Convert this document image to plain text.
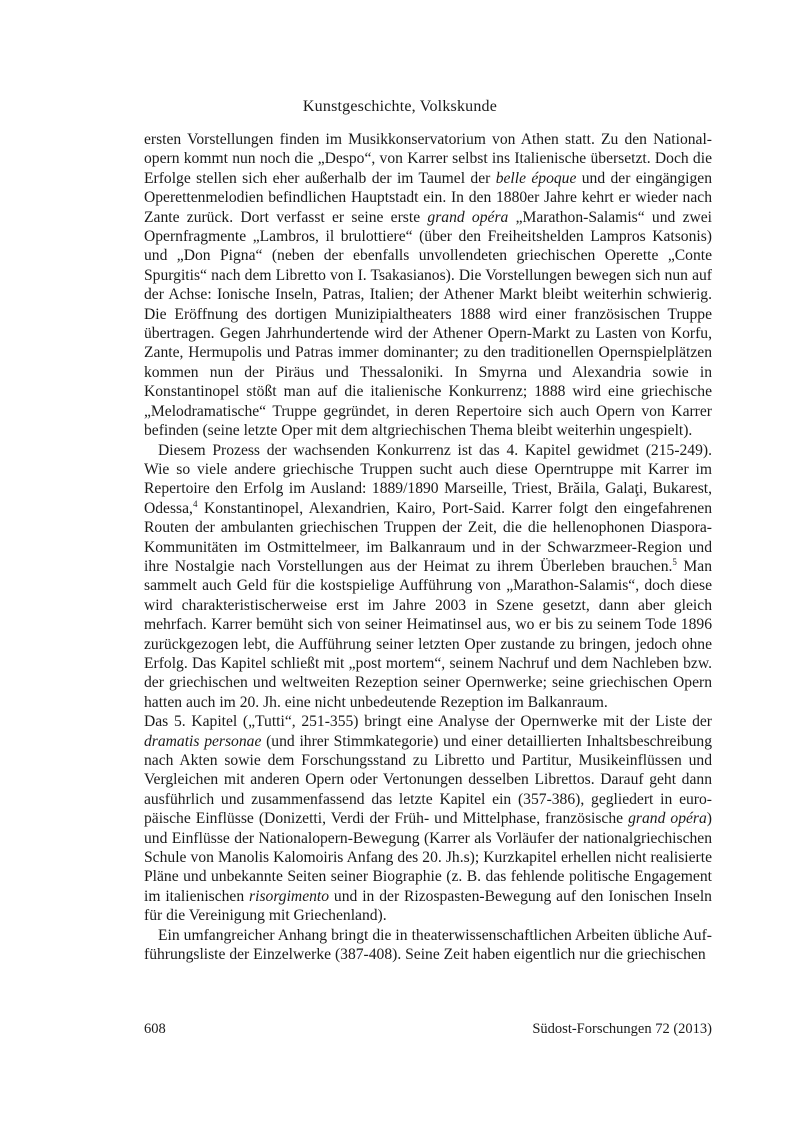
Kunstgeschichte, Volkskunde

ersten Vorstellungen finden im Musikkonservatorium von Athen statt. Zu den Nationalopern kommt nun noch die „Despo“, von Karrer selbst ins Italienische übersetzt. Doch die Erfolge stellen sich eher außerhalb der im Taumel der belle époque und der eingängigen Operettenmelodien befindlichen Hauptstadt ein. In den 1880er Jahre kehrt er wieder nach Zante zurück. Dort verfasst er seine erste grand opéra „Marathon-Salamis“ und zwei Opernfragmente „Lambros, il brulottiere“ (über den Freiheitshelden Lampros Katsonis) und „Don Pigna“ (neben der ebenfalls unvollendeten griechischen Operette „Conte Spurgitis“ nach dem Libretto von I. Tsakasianos). Die Vorstellungen bewegen sich nun auf der Achse: Ionische Inseln, Patras, Italien; der Athener Markt bleibt weiterhin schwierig. Die Eröffnung des dortigen Munizipialtheaters 1888 wird einer französischen Truppe übertragen. Gegen Jahrhundertende wird der Athener Opern-Markt zu Lasten von Korfu, Zante, Hermupolis und Patras immer dominanter; zu den traditionellen Opernspielplätzen kommen nun der Piräus und Thessaloniki. In Smyrna und Alexandria sowie in Konstantinopel stößt man auf die italienische Konkurrenz; 1888 wird eine griechische „Melodramatische“ Truppe gegründet, in deren Repertoire sich auch Opern von Karrer befinden (seine letzte Oper mit dem altgriechischen Thema bleibt weiterhin ungespielt).

Diesem Prozess der wachsenden Konkurrenz ist das 4. Kapitel gewidmet (215-249). Wie so viele andere griechische Truppen sucht auch diese Operntruppe mit Karrer im Repertoire den Erfolg im Ausland: 1889/1890 Marseille, Triest, Brăila, Galaţi, Bukarest, Odessa,$^4$ Konstantinopel, Alexandrien, Kairo, Port-Said. Karrer folgt den eingefahrenen Routen der ambulanten griechischen Truppen der Zeit, die die hellenophonen Diaspora-Kommunitäten im Ostmittelmeer, im Balkanraum und in der Schwarzmeer-Region und ihre Nostalgie nach Vorstellungen aus der Heimat zu ihrem Überleben brauchen.$^5$ Man sammelt auch Geld für die kostspielige Aufführung von „Marathon-Salamis“, doch diese wird charakteristischerweise erst im Jahre 2003 in Szene gesetzt, dann aber gleich mehrfach. Karrer bemüht sich von seiner Heimatinsel aus, wo er bis zu seinem Tode 1896 zurückgezogen lebt, die Aufführung seiner letzten Oper zustande zu bringen, jedoch ohne Erfolg. Das Kapitel schließt mit „post mortem“, seinem Nachruf und dem Nachleben bzw. der griechischen und weltweiten Rezeption seiner Opernwerke; seine griechischen Opern hatten auch im 20. Jh. eine nicht unbedeutende Rezeption im Balkanraum.

Das 5. Kapitel („Tutti“, 251-355) bringt eine Analyse der Opernwerke mit der Liste der dramatis personae (und ihrer Stimmkategorie) und einer detaillierten Inhaltsbeschreibung nach Akten sowie dem Forschungsstand zu Libretto und Partitur, Musikeinflüssen und Vergleichen mit anderen Opern oder Vertonungen desselben Librettos. Darauf geht dann ausführlich und zusammenfassend das letzte Kapitel ein (357-386), gegliedert in europäische Einflüsse (Donizetti, Verdi der Früh- und Mittelphase, französische grand opéra) und Einflüsse der Nationalopern-Bewegung (Karrer als Vorläufer der nationalgriechischen Schule von Manolis Kalomoiris Anfang des 20. Jh.s); Kurzkapitel erhellen nicht realisierte Pläne und unbekannte Seiten seiner Biographie (z. B. das fehlende politische Engagement im italienischen risorgimento und in der Rizospasten-Bewegung auf den Ionischen Inseln für die Vereinigung mit Griechenland).

Ein umfangreicher Anhang bringt die in theaterwissenschaftlichen Arbeiten übliche Aufführungsliste der Einzelwerke (387-408). Seine Zeit haben eigentlich nur die griechischen

608	Südost-Forschungen 72 (2013)
